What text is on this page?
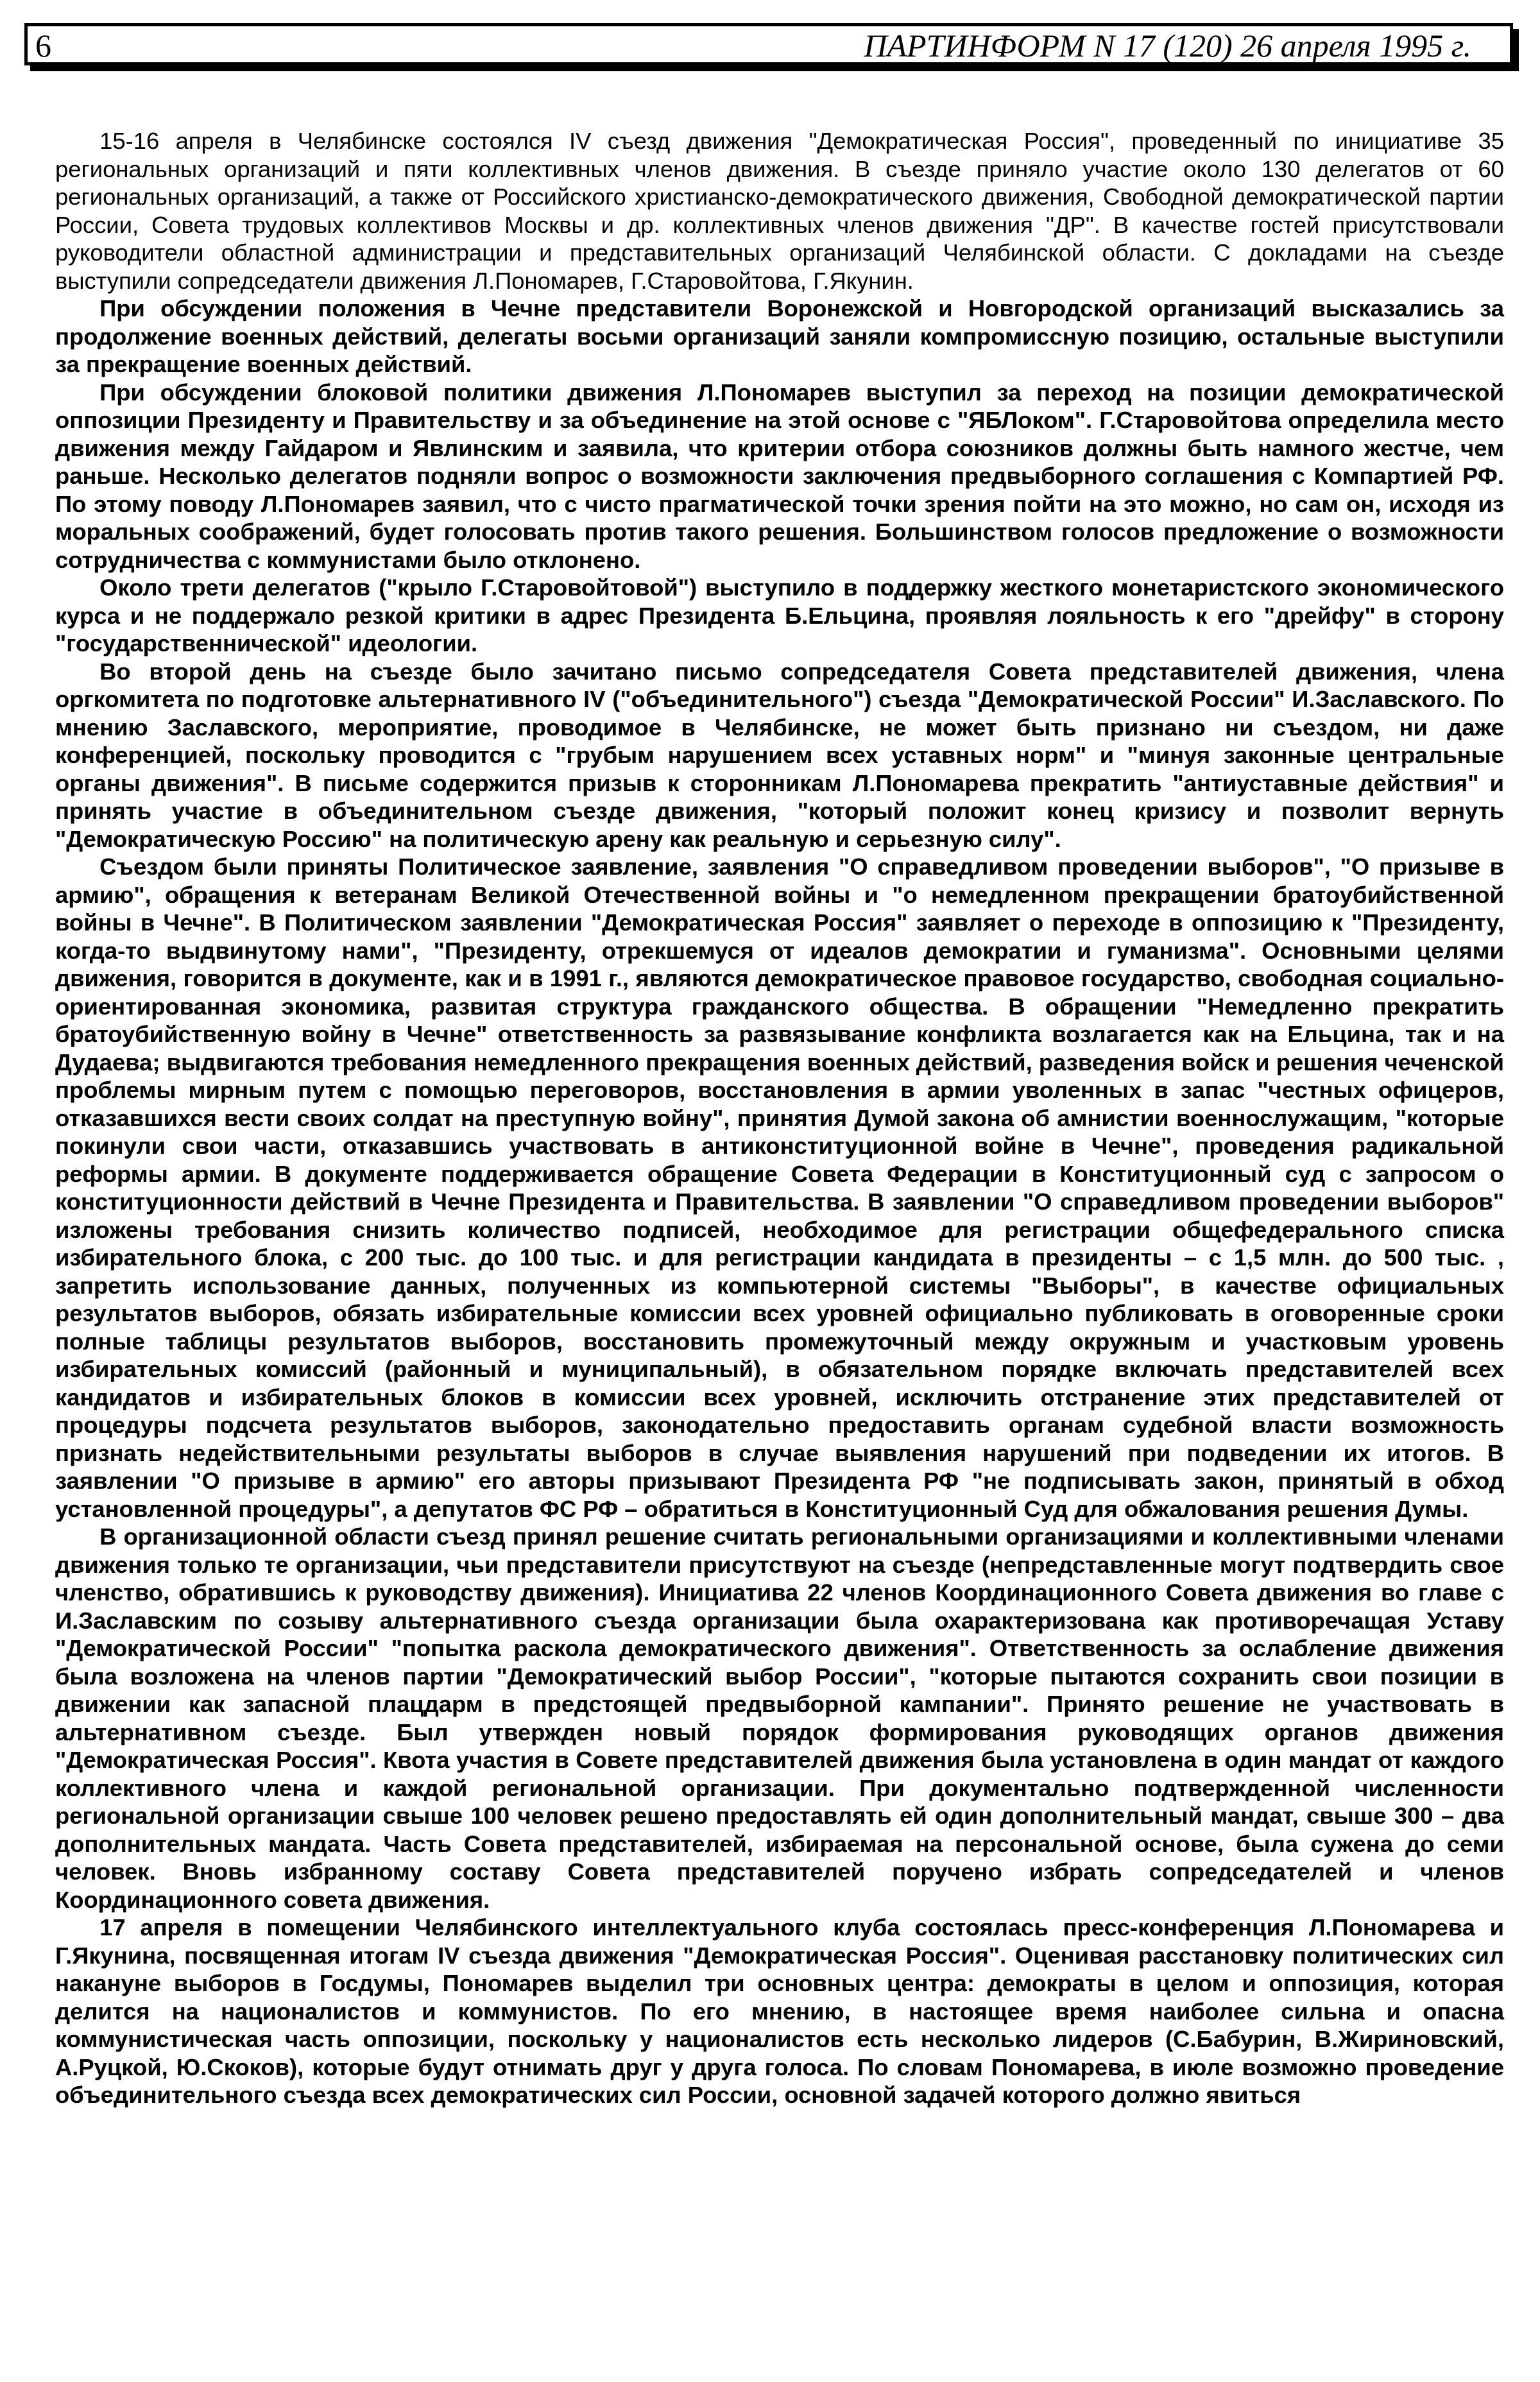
6	ПАРТИНФОРМ N 17 (120) 26 апреля 1995 г.

15-16 апреля в Челябинске состоялся IV съезд движения "Демократическая Россия", проведенный по инициативе 35 региональных организаций и пяти коллективных членов движения. В съезде приняло участие около 130 делегатов от 60 региональных организаций, а также от Российского христианско-демократического движения, Свободной демократической партии России, Совета трудовых коллективов Москвы и др. коллективных членов движения "ДР". В качестве гостей присутствовали руководители областной администрации и представительных организаций Челябинской области. С докладами на съезде выступили сопредседатели движения Л.Пономарев, Г.Старовойтова, Г.Якунин.

При обсуждении положения в Чечне представители Воронежской и Новгородской организаций высказались за продолжение военных действий, делегаты восьми организаций заняли компромиссную позицию, остальные выступили за прекращение военных действий.

При обсуждении блоковой политики движения Л.Пономарев выступил за переход на позиции демократической оппозиции Президенту и Правительству и за объединение на этой основе с "ЯБЛоком". Г.Старовойтова определила место движения между Гайдаром и Явлинским и заявила, что критерии отбора союзников должны быть намного жестче, чем раньше. Несколько делегатов подняли вопрос о возможности заключения предвыборного соглашения с Компартией РФ. По этому поводу Л.Пономарев заявил, что с чисто прагматической точки зрения пойти на это можно, но сам он, исходя из моральных соображений, будет голосовать против такого решения. Большинством голосов предложение о возможности сотрудничества с коммунистами было отклонено.

Около трети делегатов ("крыло Г.Старовойтовой") выступило в поддержку жесткого монетаристского экономического курса и не поддержало резкой критики в адрес Президента Б.Ельцина, проявляя лояльность к его "дрейфу" в сторону "государственнической" идеологии.

Во второй день на съезде было зачитано письмо сопредседателя Совета представителей движения, члена оргкомитета по подготовке альтернативного IV ("объединительного") съезда "Демократической России" И.Заславского. По мнению Заславского, мероприятие, проводимое в Челябинске, не может быть признано ни съездом, ни даже конференцией, поскольку проводится с "грубым нарушением всех уставных норм" и "минуя законные центральные органы движения". В письме содержится призыв к сторонникам Л.Пономарева прекратить "антиуставные действия" и принять участие в объединительном съезде движения, "который положит конец кризису и позволит вернуть "Демократическую Россию" на политическую арену как реальную и серьезную силу".

Съездом были приняты Политическое заявление, заявления "О справедливом проведении выборов", "О призыве в армию", обращения к ветеранам Великой Отечественной войны и "о немедленном прекращении братоубийственной войны в Чечне". В Политическом заявлении "Демократическая Россия" заявляет о переходе в оппозицию к "Президенту, когда-то выдвинутому нами", "Президенту, отрекшемуся от идеалов демократии и гуманизма". Основными целями движения, говорится в документе, как и в 1991 г., являются демократическое правовое государство, свободная социально-ориентированная экономика, развитая структура гражданского общества. В обращении "Немедленно прекратить братоубийственную войну в Чечне" ответственность за развязывание конфликта возлагается как на Ельцина, так и на Дудаева; выдвигаются требования немедленного прекращения военных действий, разведения войск и решения чеченской проблемы мирным путем с помощью переговоров, восстановления в армии уволенных в запас "честных офицеров, отказавшихся вести своих солдат на преступную войну", принятия Думой закона об амнистии военнослужащим, "которые покинули свои части, отказавшись участвовать в антиконституционной войне в Чечне", проведения радикальной реформы армии. В документе поддерживается обращение Совета Федерации в Конституционный суд с запросом о конституционности действий в Чечне Президента и Правительства. В заявлении "О справедливом проведении выборов" изложены требования снизить количество подписей, необходимое для регистрации общефедерального списка избирательного блока, с 200 тыс. до 100 тыс. и для регистрации кандидата в президенты – с 1,5 млн. до 500 тыс. , запретить использование данных, полученных из компьютерной системы "Выборы", в качестве официальных результатов выборов, обязать избирательные комиссии всех уровней официально публиковать в оговоренные сроки полные таблицы результатов выборов, восстановить промежуточный между окружным и участковым уровень избирательных комиссий (районный и муниципальный), в обязательном порядке включать представителей всех кандидатов и избирательных блоков в комиссии всех уровней, исключить отстранение этих представителей от процедуры подсчета результатов выборов, законодательно предоставить органам судебной власти возможность признать недействительными результаты выборов в случае выявления нарушений при подведении их итогов. В заявлении "О призыве в армию" его авторы призывают Президента РФ "не подписывать закон, принятый в обход установленной процедуры", а депутатов ФС РФ – обратиться в Конституционный Суд для обжалования решения Думы.

В организационной области съезд принял решение считать региональными организациями и коллективными членами движения только те организации, чьи представители присутствуют на съезде (непредставленные могут подтвердить свое членство, обратившись к руководству движения). Инициатива 22 членов Координационного Совета движения во главе с И.Заславским по созыву альтернативного съезда организации была охарактеризована как противоречащая Уставу "Демократической России" "попытка раскола демократического движения". Ответственность за ослабление движения была возложена на членов партии "Демократический выбор России", "которые пытаются сохранить свои позиции в движении как запасной плацдарм в предстоящей предвыборной кампании". Принято решение не участвовать в альтернативном съезде. Был утвержден новый порядок формирования руководящих органов движения "Демократическая Россия". Квота участия в Совете представителей движения была установлена в один мандат от каждого коллективного члена и каждой региональной организации. При документально подтвержденной численности региональной организации свыше 100 человек решено предоставлять ей один дополнительный мандат, свыше 300 – два дополнительных мандата. Часть Совета представителей, избираемая на персональной основе, была сужена до семи человек. Вновь избранному составу Совета представителей поручено избрать сопредседателей и членов Координационного совета движения.

17 апреля в помещении Челябинского интеллектуального клуба состоялась пресс-конференция Л.Пономарева и Г.Якунина, посвященная итогам IV съезда движения "Демократическая Россия". Оценивая расстановку политических сил накануне выборов в Госдумы, Пономарев выделил три основных центра: демократы в целом и оппозиция, которая делится на националистов и коммунистов. По его мнению, в настоящее время наиболее сильна и опасна коммунистическая часть оппозиции, поскольку у националистов есть несколько лидеров (С.Бабурин, В.Жириновский, А.Руцкой, Ю.Скоков), которые будут отнимать друг у друга голоса. По словам Пономарева, в июле возможно проведение объединительного съезда всех демократических сил России, основной задачей которого должно явиться
